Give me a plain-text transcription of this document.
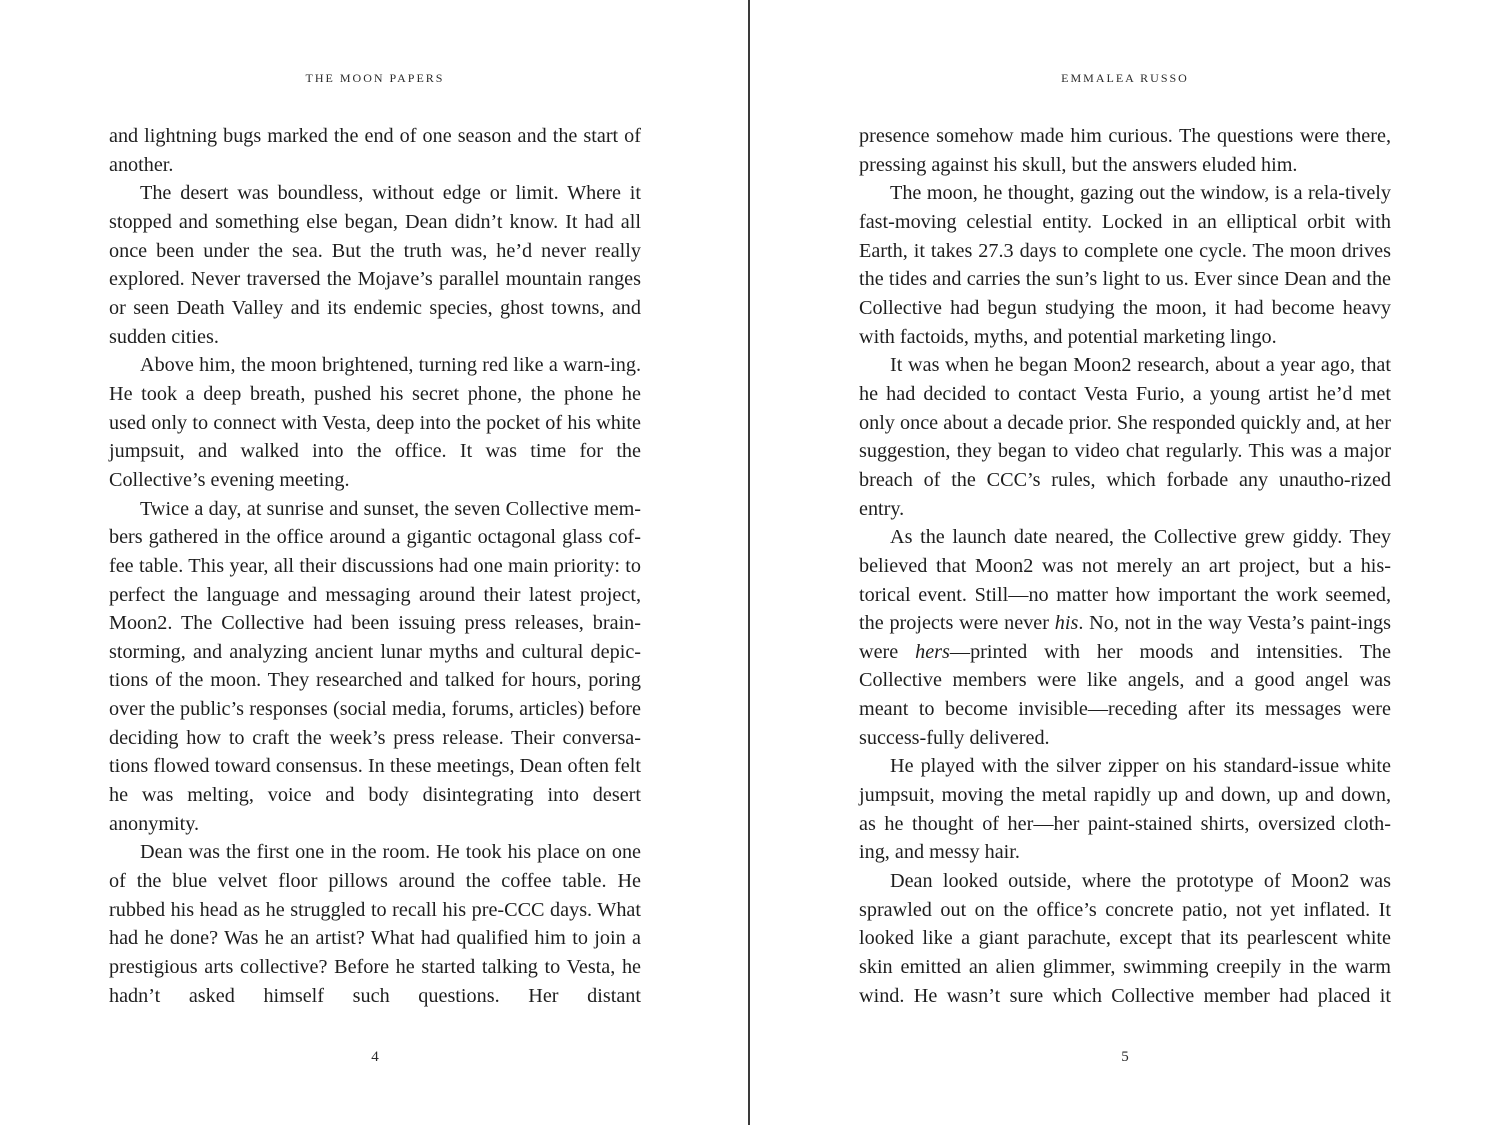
THE MOON PAPERS

and lightning bugs marked the end of one season and the start of another.

The desert was boundless, without edge or limit. Where it stopped and something else began, Dean didn’t know. It had all once been under the sea. But the truth was, he’d never really explored. Never traversed the Mojave’s parallel mountain ranges or seen Death Valley and its endemic species, ghost towns, and sudden cities.

Above him, the moon brightened, turning red like a warn-ing. He took a deep breath, pushed his secret phone, the phone he used only to connect with Vesta, deep into the pocket of his white jumpsuit, and walked into the office. It was time for the Collective’s evening meeting.

Twice a day, at sunrise and sunset, the seven Collective mem-bers gathered in the office around a gigantic octagonal glass cof-fee table. This year, all their discussions had one main priority: to perfect the language and messaging around their latest project, Moon2. The Collective had been issuing press releases, brain-storming, and analyzing ancient lunar myths and cultural depic-tions of the moon. They researched and talked for hours, poring over the public’s responses (social media, forums, articles) before deciding how to craft the week’s press release. Their conversa-tions flowed toward consensus. In these meetings, Dean often felt he was melting, voice and body disintegrating into desert anonymity.

Dean was the first one in the room. He took his place on one of the blue velvet floor pillows around the coffee table. He rubbed his head as he struggled to recall his pre-CCC days. What had he done? Was he an artist? What had qualified him to join a prestigious arts collective? Before he started talking to Vesta, he hadn’t asked himself such questions. Her distant

4
EMMALEA RUSSO

presence somehow made him curious. The questions were there, pressing against his skull, but the answers eluded him.

The moon, he thought, gazing out the window, is a rela-tively fast-moving celestial entity. Locked in an elliptical orbit with Earth, it takes 27.3 days to complete one cycle. The moon drives the tides and carries the sun’s light to us. Ever since Dean and the Collective had begun studying the moon, it had become heavy with factoids, myths, and potential marketing lingo.

It was when he began Moon2 research, about a year ago, that he had decided to contact Vesta Furio, a young artist he’d met only once about a decade prior. She responded quickly and, at her suggestion, they began to video chat regularly. This was a major breach of the CCC’s rules, which forbade any unautho-rized entry.

As the launch date neared, the Collective grew giddy. They believed that Moon2 was not merely an art project, but a his-torical event. Still—no matter how important the work seemed, the projects were never his. No, not in the way Vesta’s paint-ings were hers—printed with her moods and intensities. The Collective members were like angels, and a good angel was meant to become invisible—receding after its messages were success-fully delivered.

He played with the silver zipper on his standard-issue white jumpsuit, moving the metal rapidly up and down, up and down, as he thought of her—her paint-stained shirts, oversized cloth-ing, and messy hair.

Dean looked outside, where the prototype of Moon2 was sprawled out on the office’s concrete patio, not yet inflated. It looked like a giant parachute, except that its pearlescent white skin emitted an alien glimmer, swimming creepily in the warm wind. He wasn’t sure which Collective member had placed it

5
